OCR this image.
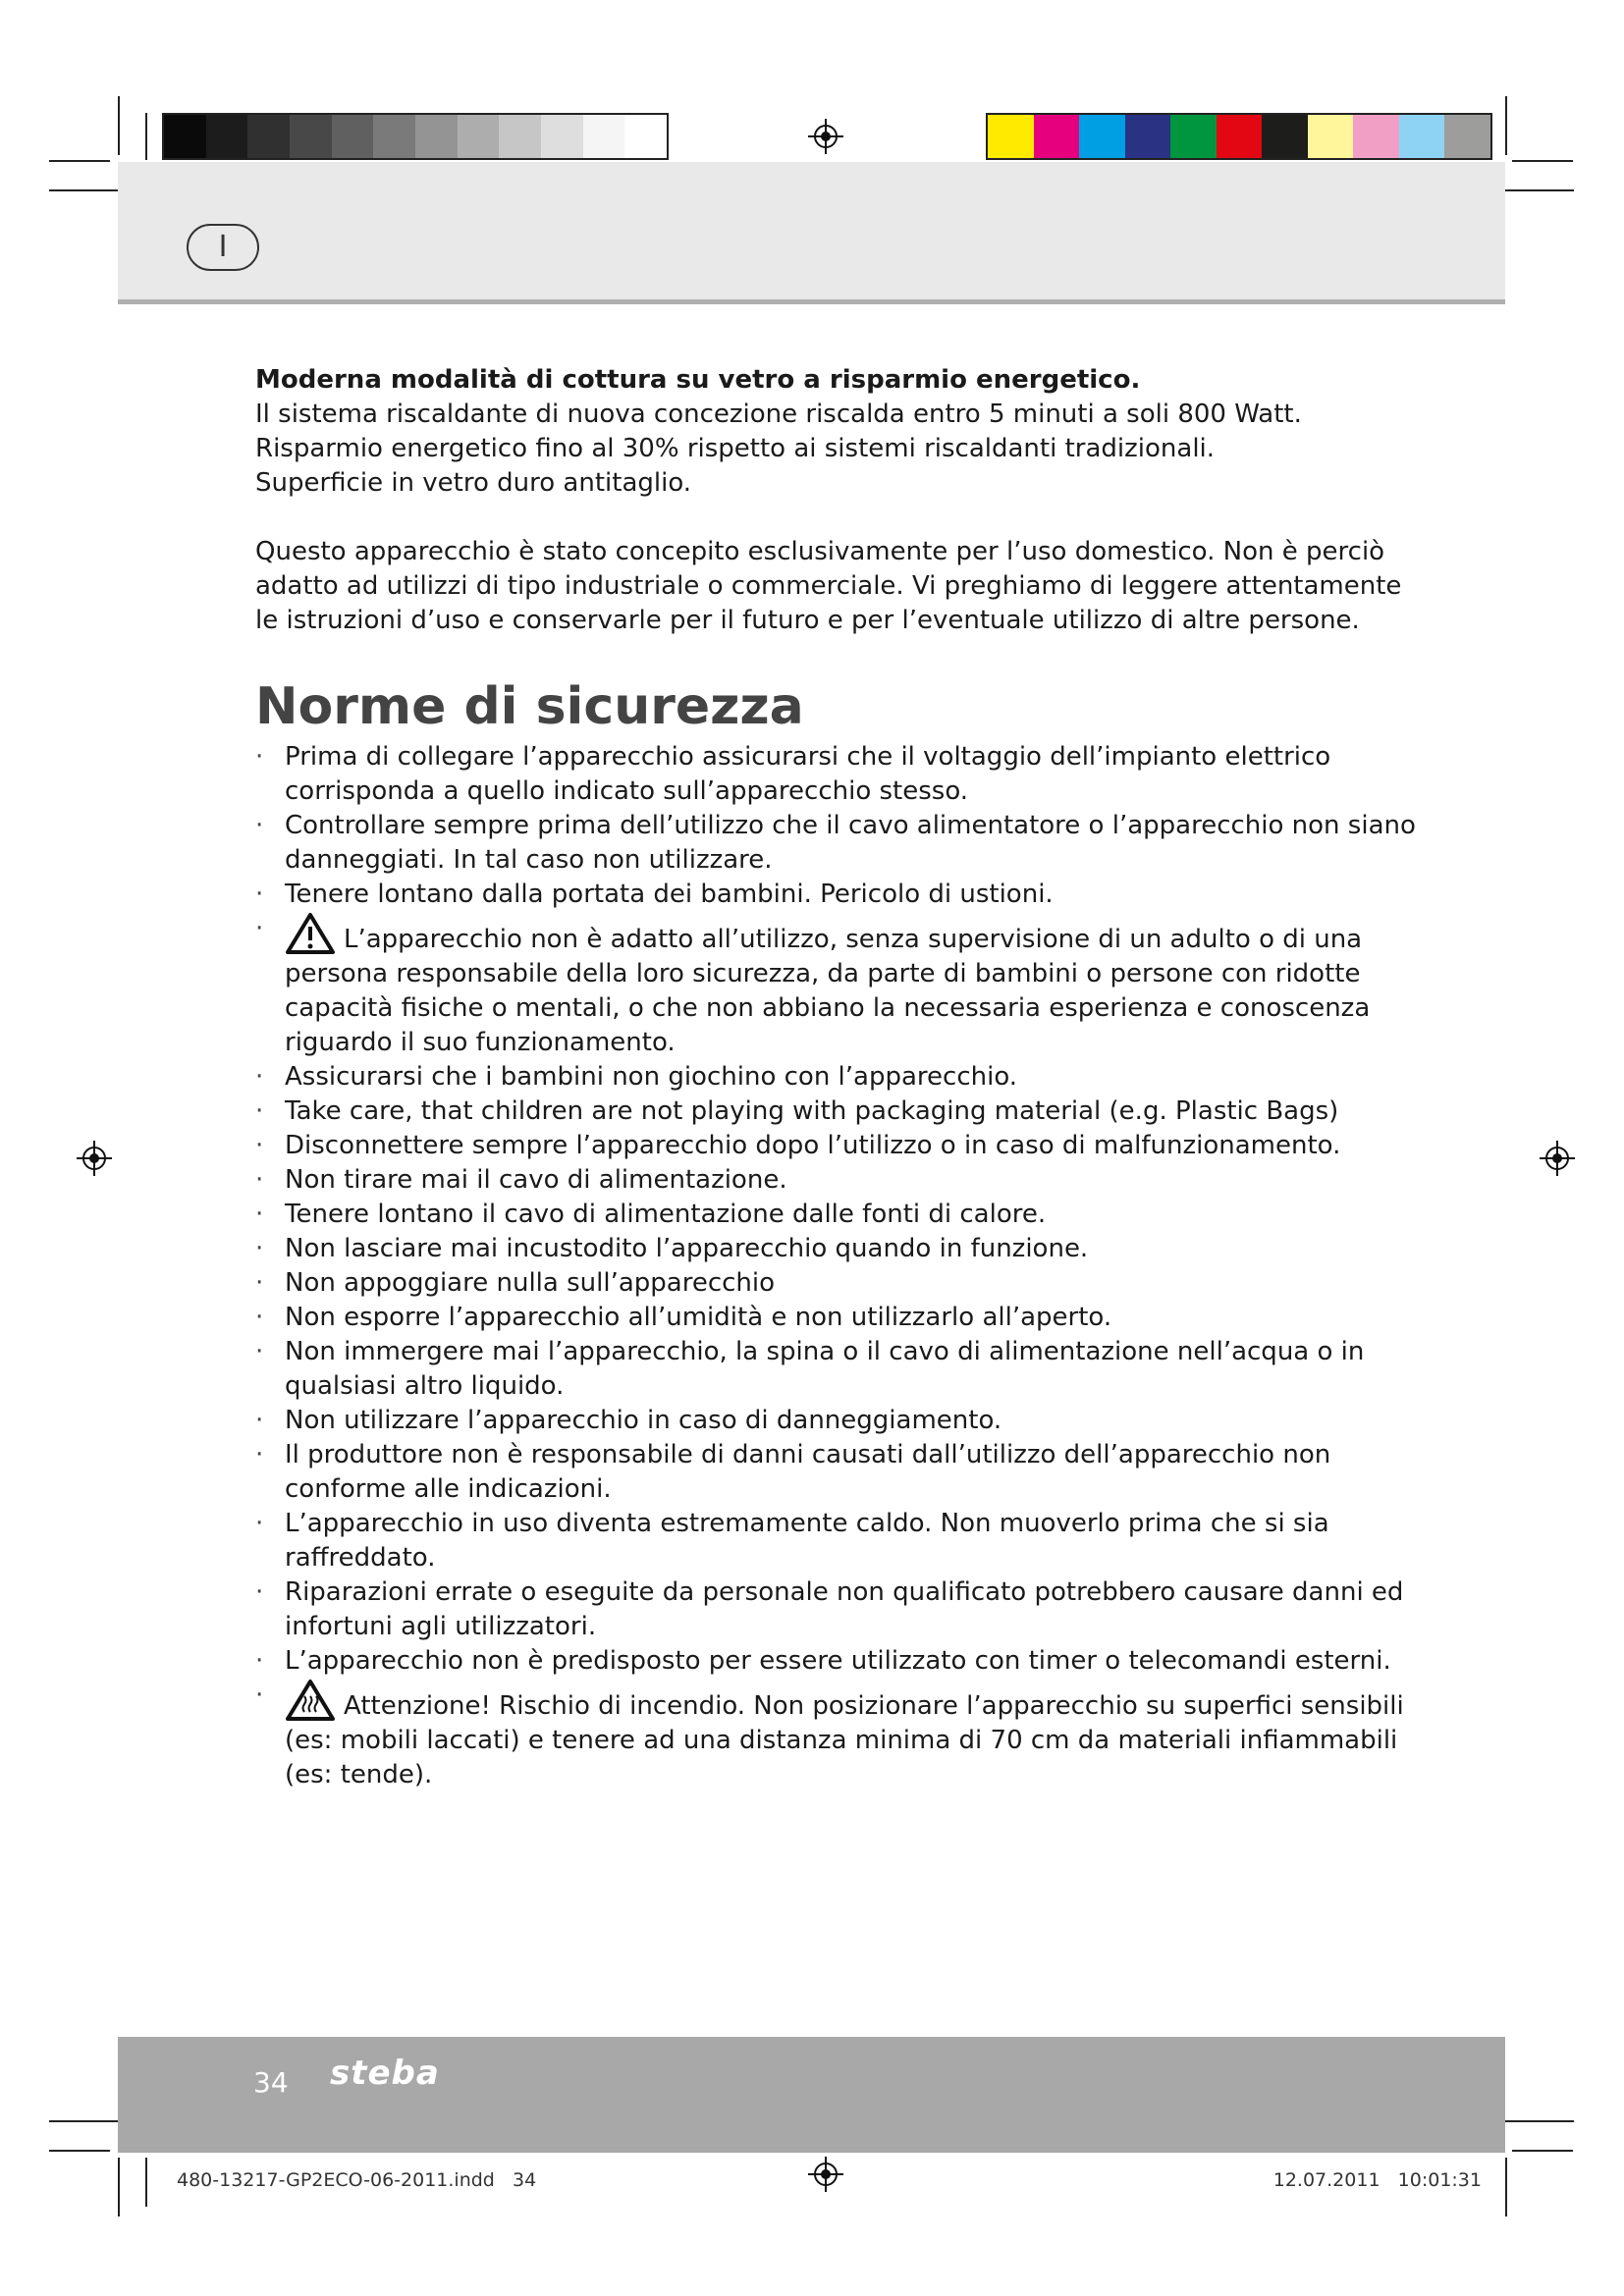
I

Moderna modalità di cottura su vetro a risparmio energetico.

Il sistema riscaldante di nuova concezione riscalda entro 5 minuti a soli 800 Watt.

Risparmio energetico fino al 30% rispetto ai sistemi riscaldanti tradizionali.

Superficie in vetro duro antitaglio.

Questo apparecchio è stato concepito esclusivamente per l’uso domestico. Non è perciò adatto ad utilizzi di tipo industriale o commerciale. Vi preghiamo di leggere attentamente le istruzioni d’uso e conservarle per il futuro e per l’eventuale utilizzo di altre persone.

Norme di sicurezza
· Prima di collegare l’apparecchio assicurarsi che il voltaggio dell’impianto elettrico corrisponda a quello indicato sull’apparecchio stesso.
· Controllare sempre prima dell’utilizzo che il cavo alimentatore o l’apparecchio non siano danneggiati. In tal caso non utilizzare.
· Tenere lontano dalla portata dei bambini. Pericolo di ustioni.
·	L’apparecchio non è adatto all’utilizzo, senza supervisione di un adulto o di una persona responsabile della loro sicurezza, da parte di bambini o persone con ridotte capacità fisiche o mentali, o che non abbiano la necessaria esperienza e conoscenza riguardo il suo funzionamento.
· Assicurarsi che i bambini non giochino con l’apparecchio.
· Take care, that children are not playing with packaging material (e.g. Plastic Bags)
· Disconnettere sempre l’apparecchio dopo l’utilizzo o in caso di malfunzionamento.
· Non tirare mai il cavo di alimentazione.
· Tenere lontano il cavo di alimentazione dalle fonti di calore.
· Non lasciare mai incustodito l’apparecchio quando in funzione.
· Non appoggiare nulla sull’apparecchio
· Non esporre l’apparecchio all’umidità e non utilizzarlo all’aperto.
· Non immergere mai l’apparecchio, la spina o il cavo di alimentazione nell’acqua o in qualsiasi altro liquido.
· Non utilizzare l’apparecchio in caso di danneggiamento.
· Il produttore non è responsabile di danni causati dall’utilizzo dell’apparecchio non conforme alle indicazioni.
· L’apparecchio in uso diventa estremamente caldo. Non muoverlo prima che si sia raffreddato.
· Riparazioni errate o eseguite da personale non qualificato potrebbero causare danni ed infortuni agli utilizzatori.
· L’apparecchio non è predisposto per essere utilizzato con timer o telecomandi esterni.
·	Attenzione! Rischio di incendio. Non posizionare l’apparecchio su superfici sensibili (es: mobili laccati) e tenere ad una distanza minima di 70 cm da materiali infiammabili (es: tende).
34 steba
480-13217-GP2ECO-06-2011.indd   34	12.07.2011   10:01:31
